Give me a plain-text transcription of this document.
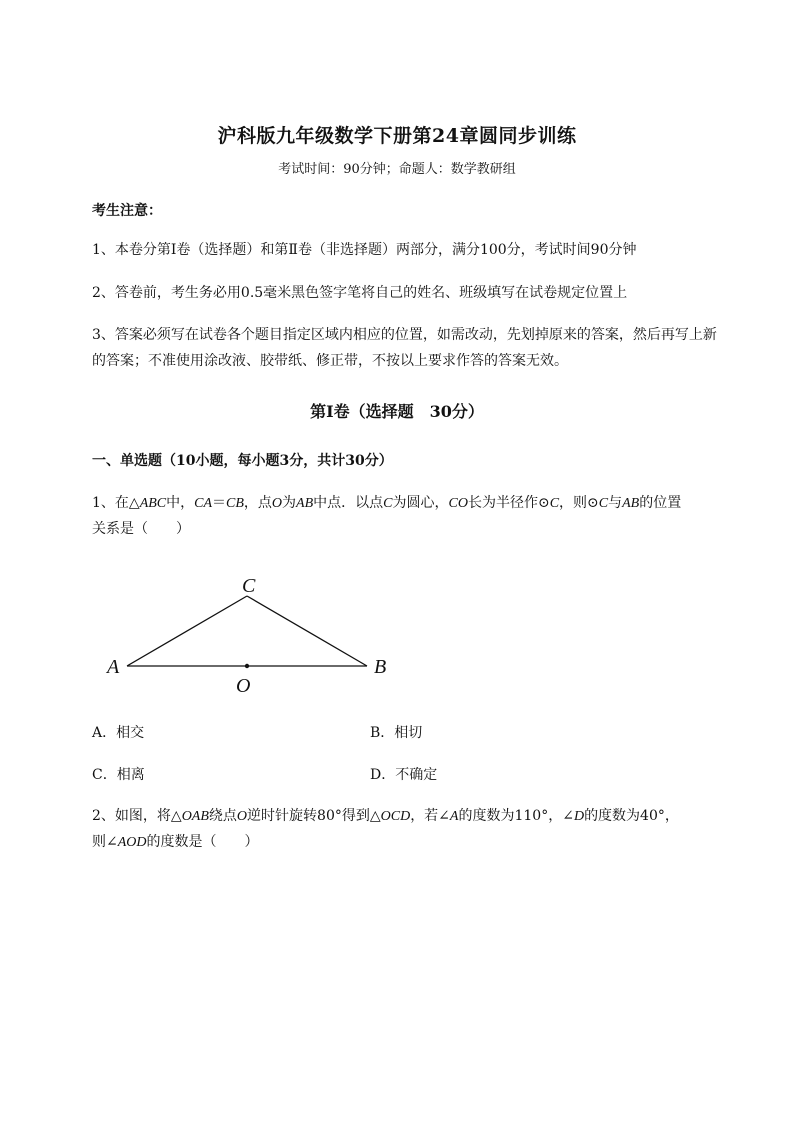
沪科版九年级数学下册第24章圆同步训练
考试时间：90分钟；命题人：数学教研组
考生注意：
1、本卷分第I卷（选择题）和第Ⅱ卷（非选择题）两部分，满分100分，考试时间90分钟
2、答卷前，考生务必用0.5毫米黑色签字笔将自己的姓名、班级填写在试卷规定位置上
3、答案必须写在试卷各个题目指定区域内相应的位置，如需改动，先划掉原来的答案，然后再写上新
的答案；不准使用涂改液、胶带纸、修正带，不按以上要求作答的答案无效。
第I卷（选择题　30分）
一、单选题（10小题，每小题3分，共计30分）
1、在△ABC中，CA＝CB，点O为AB中点．以点C为圆心，CO长为半径作⊙C，则⊙C与AB的位置
关系是（　　）
A	B
C
O
A．相交	B．相切
C．相离	D．不确定
2、如图，将△OAB绕点O逆时针旋转80°得到△OCD，若∠A的度数为110°，∠D的度数为40°，
则∠AOD的度数是（　　）
